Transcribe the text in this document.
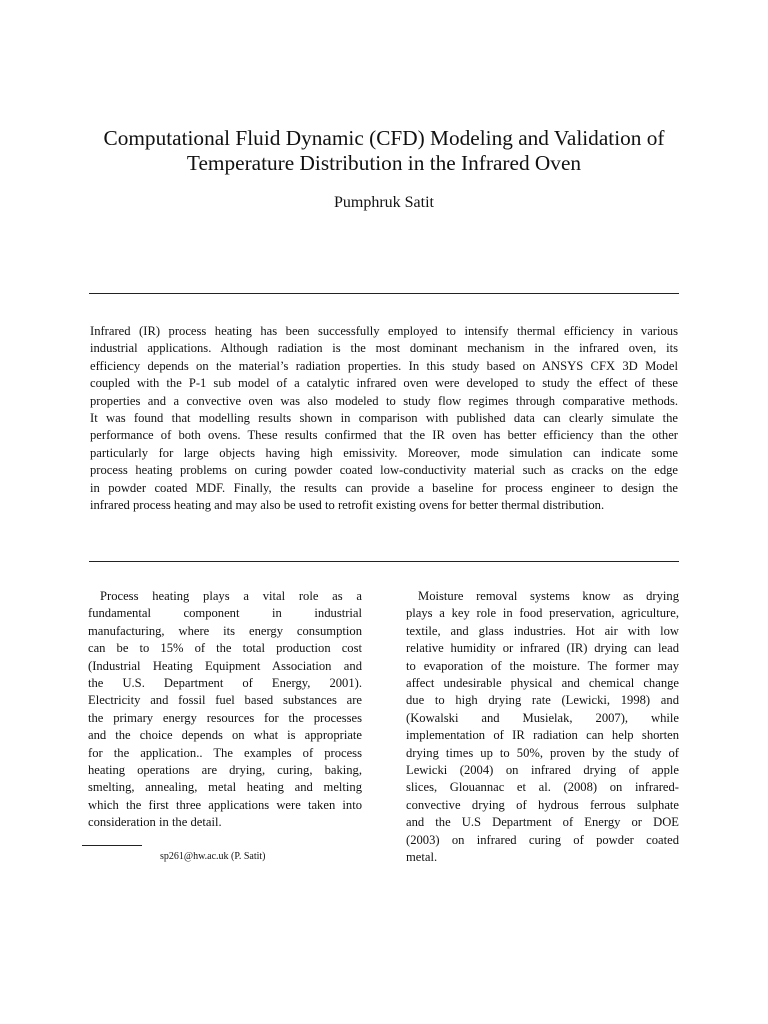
Computational Fluid Dynamic (CFD) Modeling and Validation of
Temperature Distribution in the Infrared Oven
Pumphruk Satit

Infrared (IR) process heating has been successfully employed to intensify thermal efficiency in various
industrial applications. Although radiation is the most dominant mechanism in the infrared oven, its
efficiency depends on the material’s radiation properties. In this study based on ANSYS CFX 3D Model
coupled with the P-1 sub model of a catalytic infrared oven were developed to study the effect of these
properties and a convective oven was also modeled to study flow regimes through comparative methods.
It was found that modelling results shown in comparison with published data can clearly simulate the
performance of both ovens. These results confirmed that the IR oven has better efficiency than the other
particularly for large objects having high emissivity. Moreover, mode simulation can indicate some
process heating problems on curing powder coated low-conductivity material such as cracks on the edge
in powder coated MDF. Finally, the results can provide a baseline for process engineer to design the
infrared process heating and may also be used to retrofit existing ovens for better thermal distribution.

Process heating plays a vital role as a
fundamental component in industrial
manufacturing, where its energy consumption
can be to 15% of the total production cost
(Industrial Heating Equipment Association and
the U.S. Department of Energy, 2001).
Electricity and fossil fuel based substances are
the primary energy resources for the processes
and the choice depends on what is appropriate
for the application.. The examples of process
heating operations are drying, curing, baking,
smelting, annealing, metal heating and melting
which the first three applications were taken into
consideration in the detail.

Moisture removal systems know as drying
plays a key role in food preservation, agriculture,
textile, and glass industries. Hot air with low
relative humidity or infrared (IR) drying can lead
to evaporation of the moisture. The former may
affect undesirable physical and chemical change
due to high drying rate (Lewicki, 1998) and
(Kowalski and Musielak, 2007), while
implementation of IR radiation can help shorten
drying times up to 50%, proven by the study of
Lewicki (2004) on infrared drying of apple
slices, Glouannac et al. (2008) on infrared-
convective drying of hydrous ferrous sulphate
and the U.S Department of Energy or DOE
(2003) on infrared curing of powder coated
metal.

sp261@hw.ac.uk (P. Satit)
